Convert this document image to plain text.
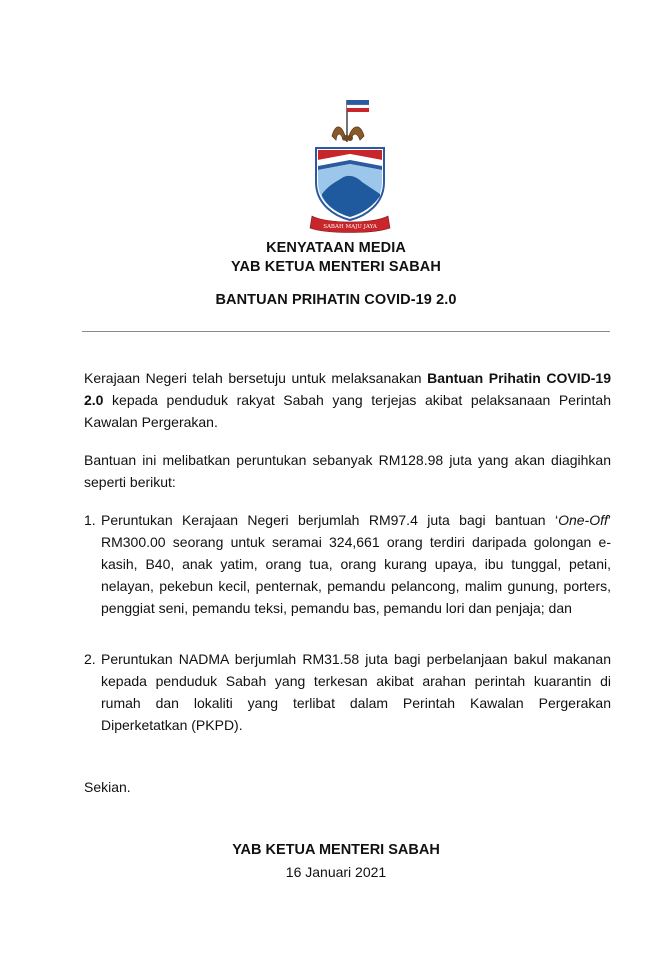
SABAH MAJU JAYA
KENYATAAN MEDIA
YAB KETUA MENTERI SABAH
BANTUAN PRIHATIN COVID-19 2.0

Kerajaan Negeri telah bersetuju untuk melaksanakan Bantuan Prihatin COVID-19 2.0 kepada penduduk rakyat Sabah yang terjejas akibat pelaksanaan Perintah Kawalan Pergerakan.

Bantuan ini melibatkan peruntukan sebanyak RM128.98 juta yang akan diagihkan seperti berikut:

1. Peruntukan Kerajaan Negeri berjumlah RM97.4 juta bagi bantuan ‘One-Off’ RM300.00 seorang untuk seramai 324,661 orang terdiri daripada golongan e-kasih, B40, anak yatim, orang tua, orang kurang upaya, ibu tunggal, petani, nelayan, pekebun kecil, penternak, pemandu pelancong, malim gunung, porters, penggiat seni, pemandu teksi, pemandu bas, pemandu lori dan penjaja; dan

2. Peruntukan NADMA berjumlah RM31.58 juta bagi perbelanjaan bakul makanan kepada penduduk Sabah yang terkesan akibat arahan perintah kuarantin di rumah dan lokaliti yang terlibat dalam Perintah Kawalan Pergerakan Diperketatkan (PKPD).

Sekian.

YAB KETUA MENTERI SABAH
16 Januari 2021
